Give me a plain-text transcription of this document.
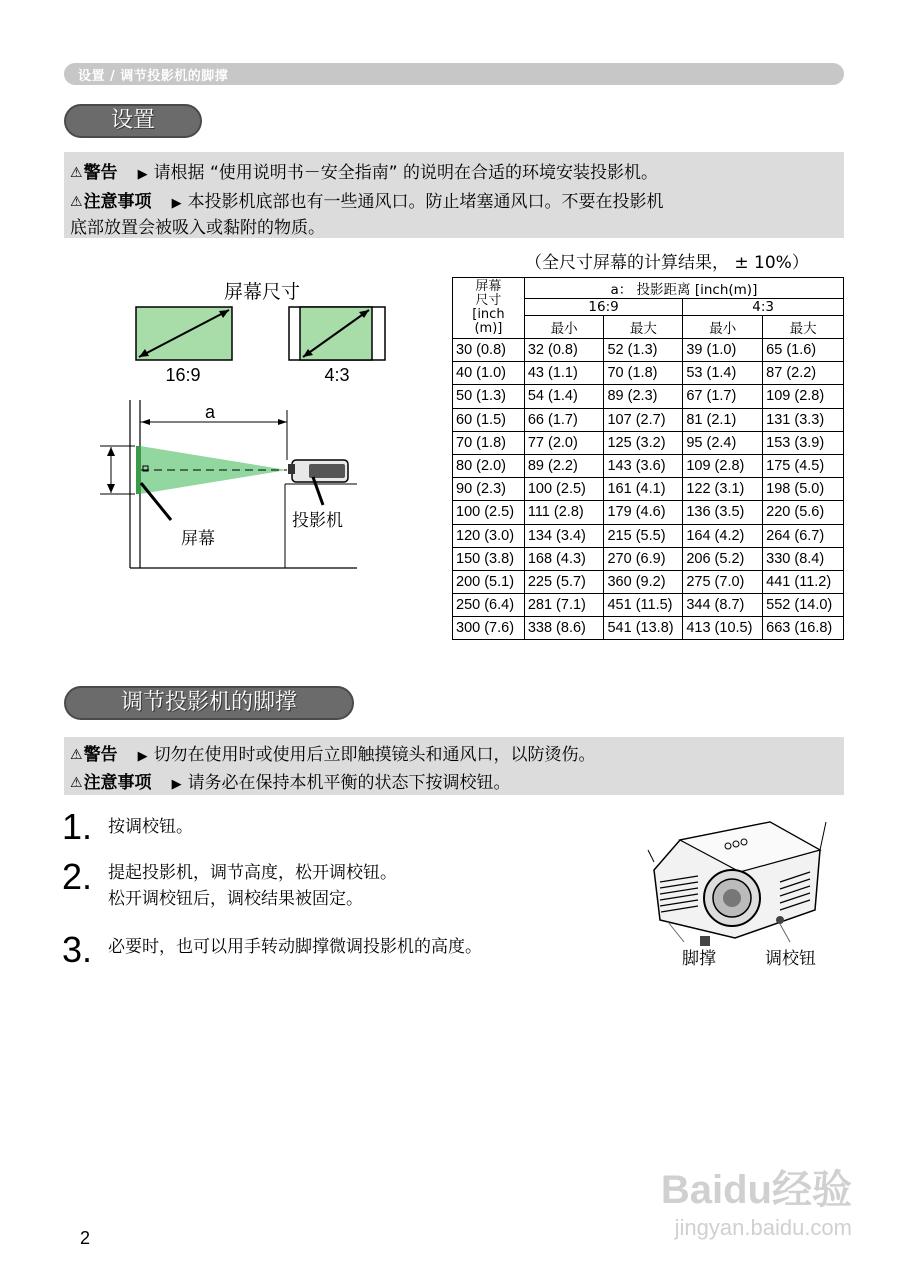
设置 / 调节投影机的脚撑
设置
⚠警告 ▶ 请根据 “使用说明书－安全指南” 的说明在合适的环境安装投影机。
⚠注意事项 ▶ 本投影机底部也有一些通风口。防止堵塞通风口。不要在投影机
底部放置会被吸入或黏附的物质。
（全尺寸屏幕的计算结果， ± 10%）
屏幕尺寸
16:9	4:3
a
屏幕
投影机
屏幕
尺寸
[inch
(m)]	a： 投影距离 [inch(m)]			
	16:9		4:3	
	最小	最大	最小	最大
30 (0.8)	32 (0.8)	52 (1.3)	39 (1.0)	65 (1.6)
40 (1.0)	43 (1.1)	70 (1.8)	53 (1.4)	87 (2.2)
50 (1.3)	54 (1.4)	89 (2.3)	67 (1.7)	109 (2.8)
60 (1.5)	66 (1.7)	107 (2.7)	81 (2.1)	131 (3.3)
70 (1.8)	77 (2.0)	125 (3.2)	95 (2.4)	153 (3.9)
80 (2.0)	89 (2.2)	143 (3.6)	109 (2.8)	175 (4.5)
90 (2.3)	100 (2.5)	161 (4.1)	122 (3.1)	198 (5.0)
100 (2.5)	111 (2.8)	179 (4.6)	136 (3.5)	220 (5.6)
120 (3.0)	134 (3.4)	215 (5.5)	164 (4.2)	264 (6.7)
150 (3.8)	168 (4.3)	270 (6.9)	206 (5.2)	330 (8.4)
200 (5.1)	225 (5.7)	360 (9.2)	275 (7.0)	441 (11.2)
250 (6.4)	281 (7.1)	451 (11.5)	344 (8.7)	552 (14.0)
300 (7.6)	338 (8.6)	541 (13.8)	413 (10.5)	663 (16.8)
调节投影机的脚撑
⚠警告 ▶ 切勿在使用时或使用后立即触摸镜头和通风口，以防烫伤。
⚠注意事项 ▶ 请务必在保持本机平衡的状态下按调校钮。
1. 按调校钮。
2. 提起投影机，调节高度，松开调校钮。
松开调校钮后，调校结果被固定。
3. 必要时，也可以用手转动脚撑微调投影机的高度。
脚撑	调校钮
Baidu经验
jingyan.baidu.com
2
